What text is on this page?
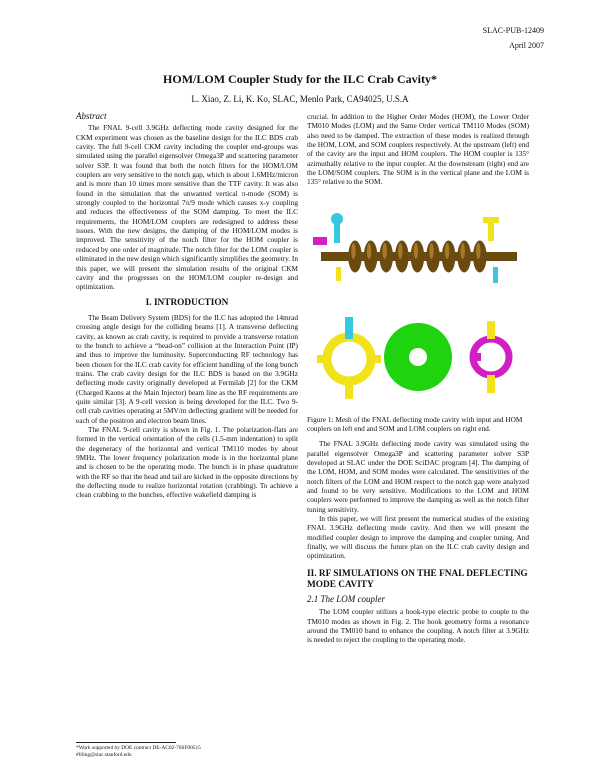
SLAC-PUB-12409
April 2007
HOM/LOM Coupler Study for the ILC Crab Cavity*
L. Xiao, Z. Li, K. Ko, SLAC, Menlo Park, CA94025, U.S.A
Abstract

The FNAL 9-cell 3.9GHz deflecting mode cavity designed for the CKM experiment was chosen as the baseline design for the ILC BDS crab cavity. The full 9-cell CKM cavity including the coupler end-groups was simulated using the parallel eigensolver Omega3P and scattering parameter solver S3P. It was found that both the notch filters for the HOM/LOM couplers are very sensitive to the notch gap, which is about 1.6MHz/micron and is more than 10 times more sensitive than the TTF cavity. It was also found in the simulation that the unwanted vertical π-mode (SOM) is strongly coupled to the horizontal 7π/9 mode which causes x-y coupling and reduces the effectiveness of the SOM damping. To meet the ILC requirements, the HOM/LOM couplers are redesigned to address these issues. With the new designs, the damping of the HOM/LOM modes is improved. The sensitivity of the notch filter for the HOM coupler is reduced by one order of magnitude. The notch filter for the LOM coupler is eliminated in the new design which significantly simplifies the geometry. In this paper, we will present the simulation results of the original CKM cavity and the progresses on the HOM/LOM coupler re-design and optimization.

I. INTRODUCTION

The Beam Delivery System (BDS) for the ILC has adopted the 14mrad crossing angle design for the colliding beams [1]. A transverse deflecting cavity, as known as crab cavity, is required to provide a transverse rotation to the bunch to achieve a “head-on” collision at the Interaction Point (IP) and thus to improve the luminosity. Superconducting RF technology has been chosen for the ILC crab cavity for efficient handling of the long bunch trains. The crab cavity design for the ILC BDS is based on the 3.9GHz deflecting mode cavity originally developed at Fermilab [2] for the CKM (Charged Kaons at the Main Injector) beam line as the RF requirements are quite similar [3]. A 9-cell version is being developed for the ILC. Two 9-cell crab cavities operating at 5MV/m deflecting gradient will be needed for each of the positron and electron beam lines.

The FNAL 9-cell cavity is shown in Fig. 1. The polarization-flats are formed in the vertical orientation of the cells (1.5-mm indentation) to split the degeneracy of the horizontal and vertical TM110 modes by about 9MHz. The lower frequency polarization mode is in the horizontal plane and is chosen to be the operating mode. The bunch is in phase quadrature with the RF so that the head and tail are kicked in the opposite directions by the deflecting mode to realize horizontal rotation (crabbing). To achieve a clean crabbing to the bunches, effective wakefield damping is

crucial. In addition to the Higher Order Modes (HOM), the Lower Order TM010 Modes (LOM) and the Same Order vertical TM110 Modes (SOM) also need to be damped. The extraction of these modes is realized through the HOM, LOM, and SOM couplers respectively. At the upstream (left) end of the cavity are the input and HOM couplers. The HOM coupler is 135° azimuthally relative to the input coupler. At the downstream (right) end are the LOM/SOM couplers. The SOM is in the vertical plane and the LOM is 135° relative to the SOM.

Figure 1: Mesh of the FNAL deflecting mode cavity with input and HOM couplers on left end and SOM and LOM couplers on right end.

The FNAL 3.9GHz deflecting mode cavity was simulated using the parallel eigensolver Omega3P and scattering parameter solver S3P developed at SLAC under the DOE SciDAC program [4]. The damping of the LOM, HOM, and SOM modes were calculated. The sensitivities of the notch filters of the LOM and HOM respect to the notch gap were analyzed and found to be very sensitive. Modifications to the LOM and HOM couplers were performed to improve the damping as well as the notch filter tuning sensitivity.

In this paper, we will first present the numerical studies of the existing FNAL 3.9GHz deflecting mode cavity. And then we will present the modified coupler design to improve the damping and coupler tuning. And finally, we will discuss the future plan on the ILC crab cavity design and optimization.

II. RF SIMULATIONS ON THE FNAL DEFLECTING MODE CAVITY
2.1 The LOM coupler

The LOM coupler utilizes a hook-type electric probe to couple to the TM010 modes as shown in Fig. 2. The hook geometry forms a resonance around the TM010 band to enhance the coupling. A notch filter at 3.9GHz is needed to reject the coupling to the operating mode.

*Work supported by DOE contract DE-AC02-76SF00515
#liling@slac.stanford.edu
